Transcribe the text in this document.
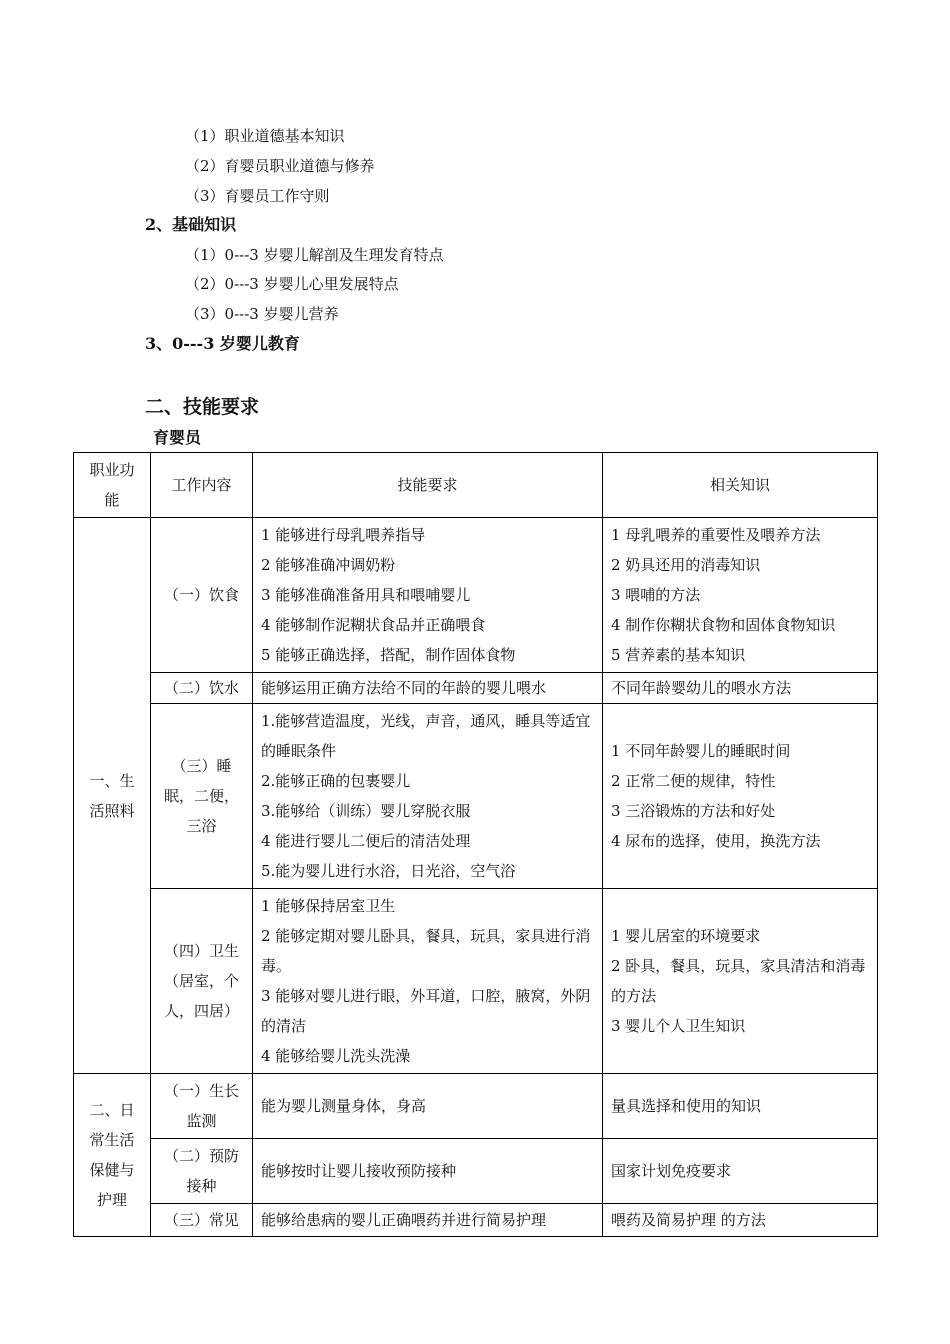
（1）职业道德基本知识
（2）育婴员职业道德与修养
（3）育婴员工作守则
2、基础知识
（1）0---3 岁婴儿解剖及生理发育特点
（2）0---3 岁婴儿心里发展特点
（3）0---3 岁婴儿营养
3、0---3 岁婴儿教育
二、技能要求
育婴员
职业功能	工作内容	技能要求	相关知识
一、生活照料	（一）饮食	1 能够进行母乳喂养指导
2 能够准确冲调奶粉
3 能够准确准备用具和喂哺婴儿
4 能够制作泥糊状食品并正确喂食
5 能够正确选择，搭配，制作固体食物	1 母乳喂养的重要性及喂养方法
2 奶具还用的消毒知识
3 喂哺的方法
4 制作你糊状食物和固体食物知识
5 营养素的基本知识

	（二）饮水	能够运用正确方法给不同的年龄的婴儿喂水	不同年龄婴幼儿的喂水方法

	（三）睡眠，二便，三浴	1.能够营造温度，光线，声音，通风，睡具等适宜的睡眠条件
2.能够正确的包裹婴儿
3.能够给（训练）婴儿穿脱衣服
4 能进行婴儿二便后的清洁处理
5.能为婴儿进行水浴，日光浴，空气浴	1 不同年龄婴儿的睡眠时间
2 正常二便的规律，特性
3 三浴锻炼的方法和好处
4 尿布的选择，使用，换洗方法

	（四）卫生（居室，个人，四居）	1 能够保持居室卫生
2 能够定期对婴儿卧具，餐具，玩具，家具进行消毒。
3 能够对婴儿进行眼，外耳道，口腔，腋窝，外阴的清洁
4 能够给婴儿洗头洗澡	1 婴儿居室的环境要求
2 卧具，餐具，玩具，家具清洁和消毒的方法
3 婴儿个人卫生知识

二、日常生活保健与护理	（一）生长监测	能为婴儿测量身体，身高	量具选择和使用的知识

	（二）预防接种	能够按时让婴儿接收预防接种	国家计划免疫要求

	（三）常见	能够给患病的婴儿正确喂药并进行简易护理	喂药及简易护理 的方法
